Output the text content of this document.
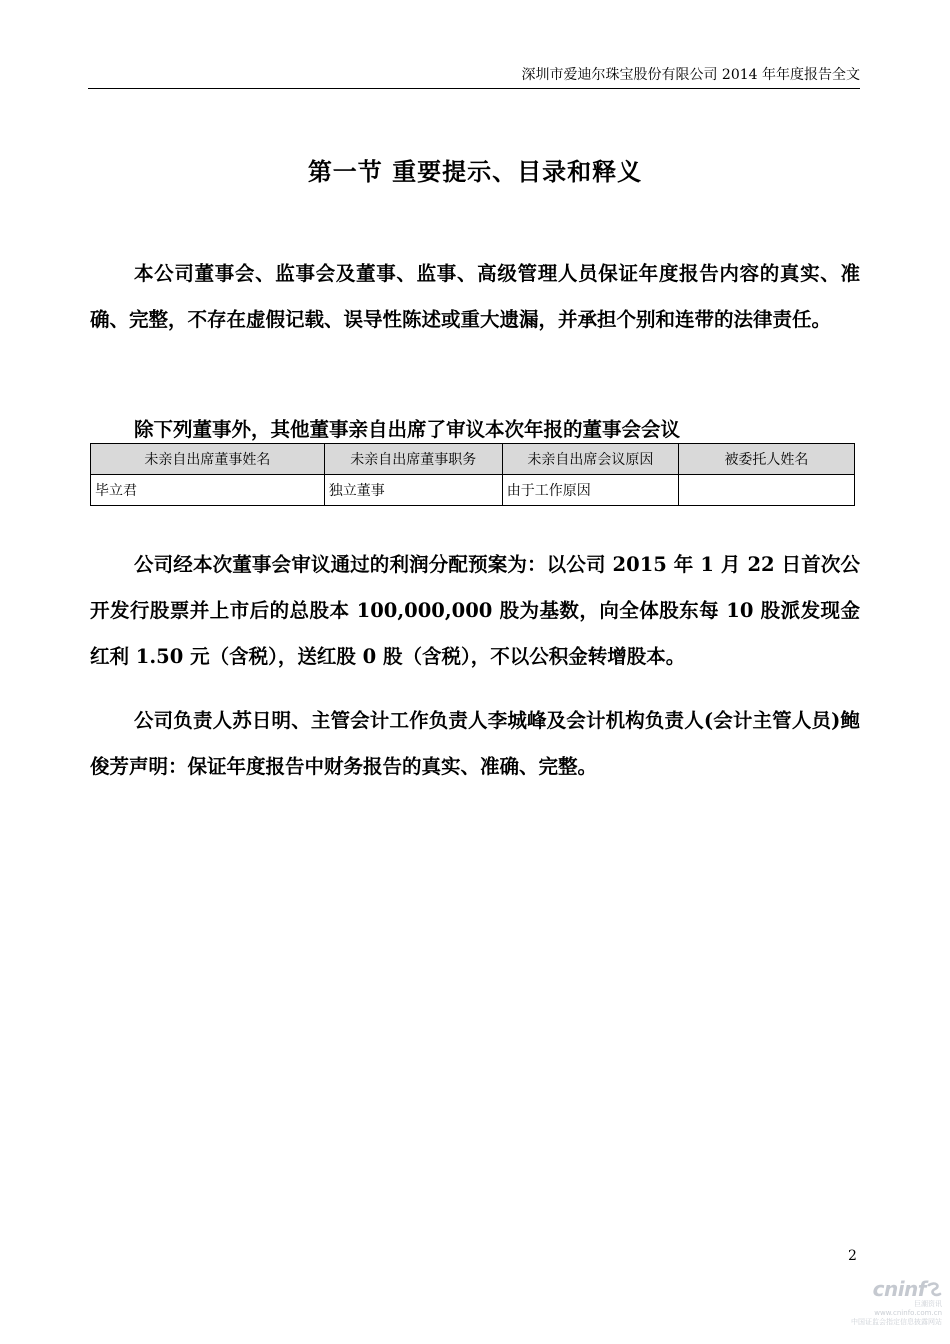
深圳市爱迪尔珠宝股份有限公司 2014 年年度报告全文
第一节 重要提示、目录和释义

本公司董事会、监事会及董事、监事、高级管理人员保证年度报告内容的真实、准确、完整，不存在虚假记载、误导性陈述或重大遗漏，并承担个别和连带的法律责任。

除下列董事外，其他董事亲自出席了审议本次年报的董事会会议

未亲自出席董事姓名	未亲自出席董事职务	未亲自出席会议原因	被委托人姓名
毕立君	独立董事	由于工作原因	

公司经本次董事会审议通过的利润分配预案为：以公司 2015 年 1 月 22 日首次公开发行股票并上市后的总股本 100,000,000 股为基数，向全体股东每 10 股派发现金红利 1.50 元（含税），送红股 0 股（含税），不以公积金转增股本。

公司负责人苏日明、主管会计工作负责人李城峰及会计机构负责人(会计主管人员)鲍俊芳声明：保证年度报告中财务报告的真实、准确、完整。

2
cninf
巨潮资讯
www.cninfo.com.cn
中国证监会指定信息披露网站
